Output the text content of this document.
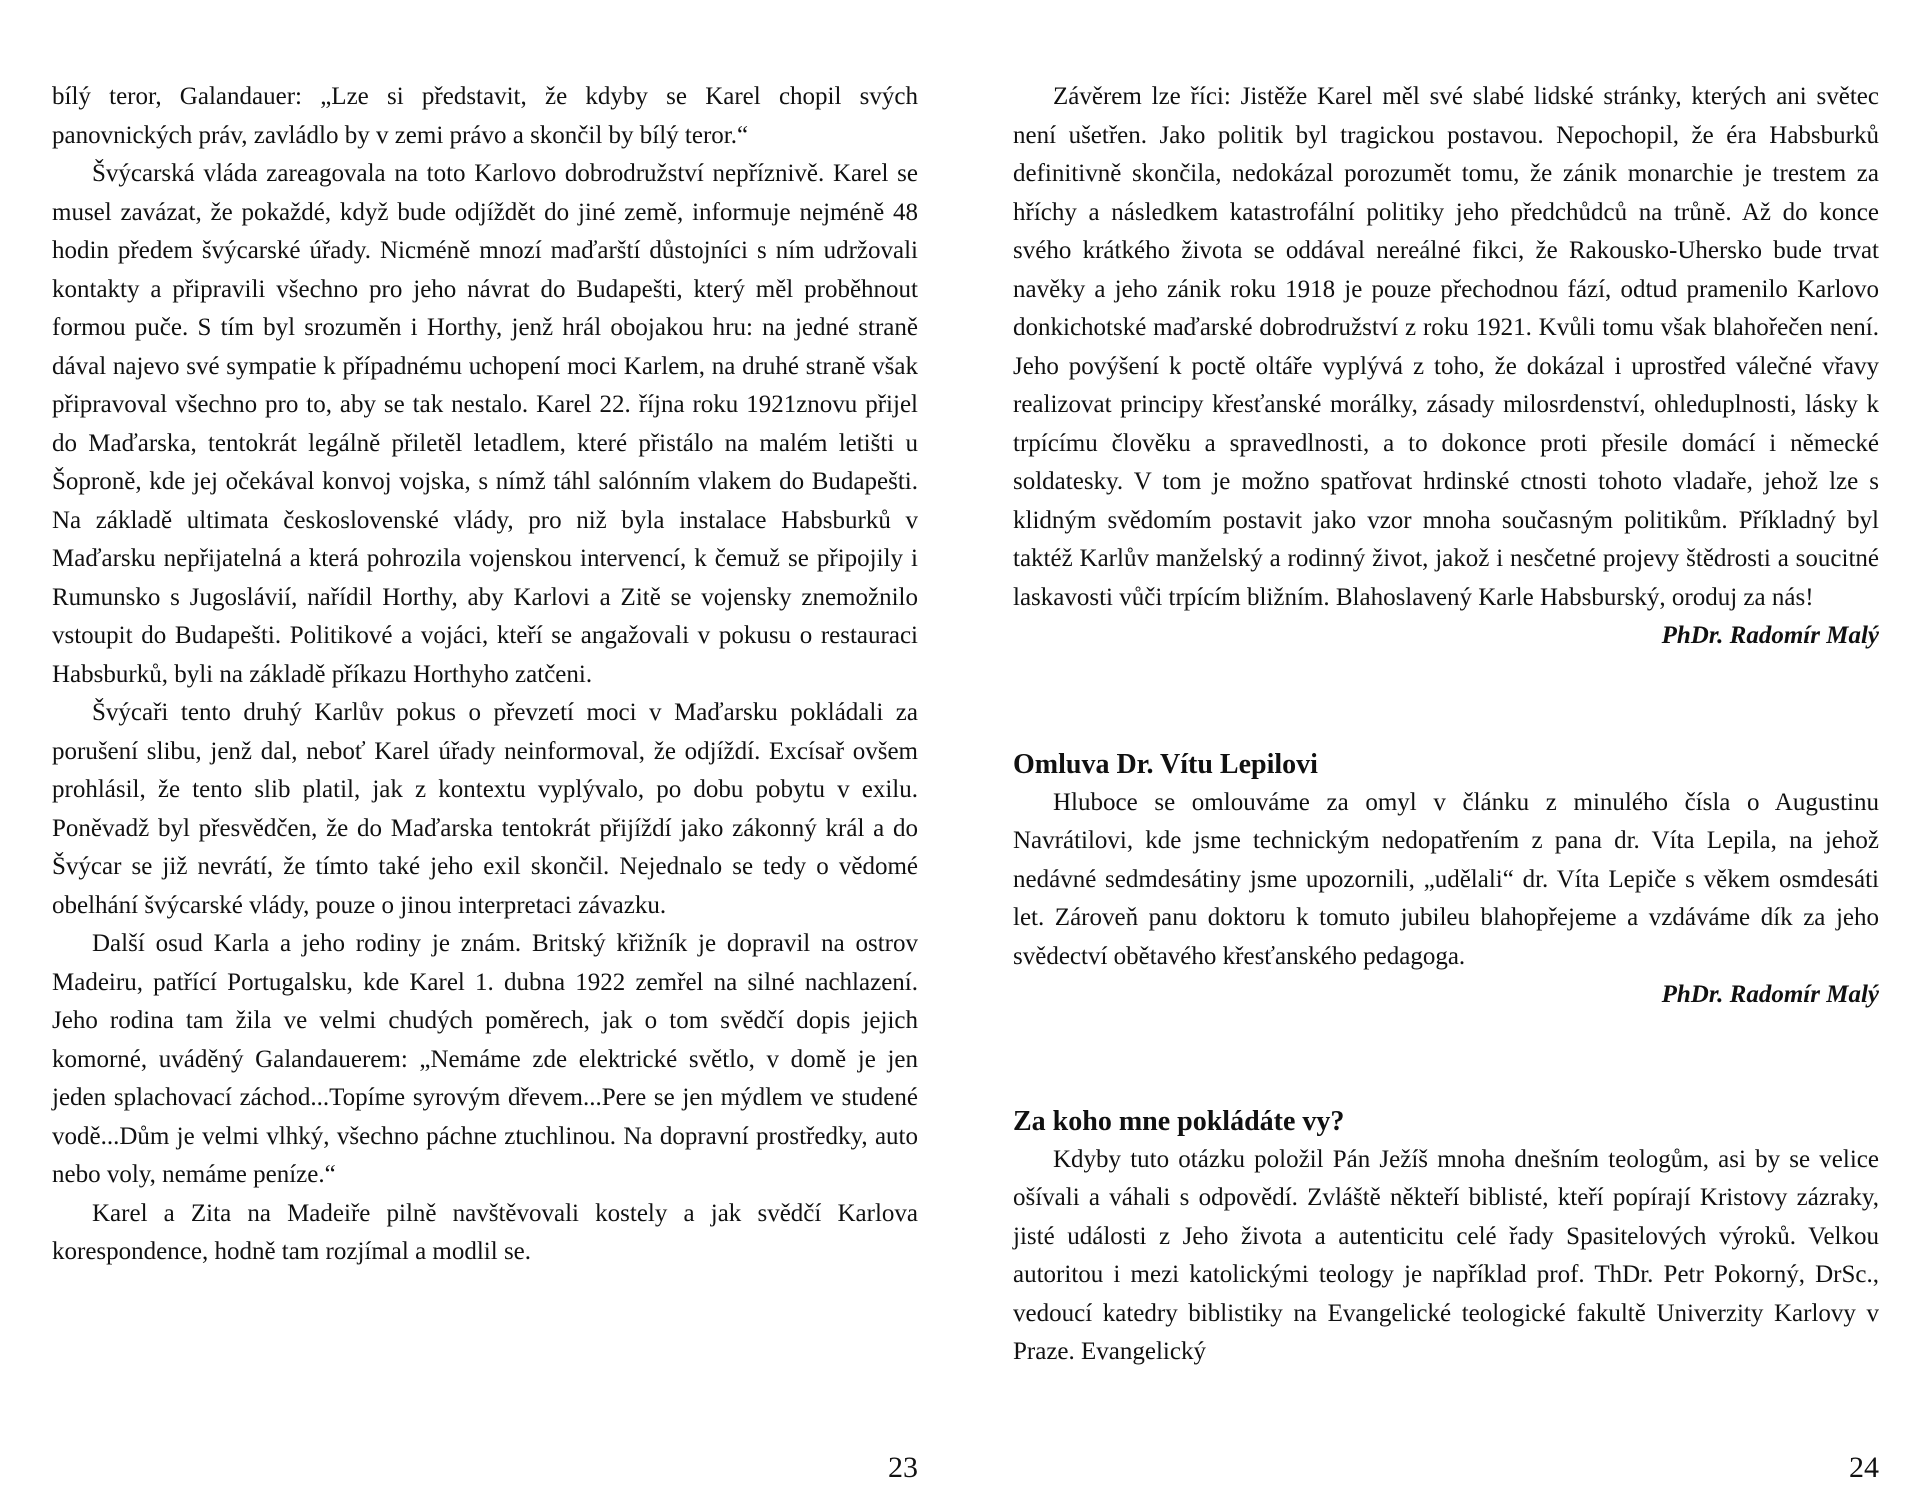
bílý teror, Galandauer: „Lze si představit, že kdyby se Karel chopil svých panovnických práv, zavládlo by v zemi právo a skončil by bílý teror.“

Švýcarská vláda zareagovala na toto Karlovo dobrodružství nepříznivě. Karel se musel zavázat, že pokaždé, když bude odjíždět do jiné země, informuje nejméně 48 hodin předem švýcarské úřady. Nicméně mnozí maďarští důstojníci s ním udržovali kontakty a připravili všechno pro jeho návrat do Budapešti, který měl proběhnout formou puče. S tím byl srozuměn i Horthy, jenž hrál obojakou hru: na jedné straně dával najevo své sympatie k případnému uchopení moci Karlem, na druhé straně však připravoval všechno pro to, aby se tak nestalo. Karel 22. října roku 1921znovu přijel do Maďarska, tentokrát legálně přiletěl letadlem, které přistálo na malém letišti u Šoproně, kde jej očekával konvoj vojska, s nímž táhl salónním vlakem do Budapešti. Na základě ultimata československé vlády, pro niž byla instalace Habsburků v Maďarsku nepřijatelná a která pohrozila vojenskou intervencí, k čemuž se připojily i Rumunsko s Jugoslávií, nařídil Horthy, aby Karlovi a Zitě se vojensky znemožnilo vstoupit do Budapešti. Politikové a vojáci, kteří se angažovali v pokusu o restauraci Habsburků, byli na základě příkazu Horthyho zatčeni.

Švýcaři tento druhý Karlův pokus o převzetí moci v Maďarsku pokládali za porušení slibu, jenž dal, neboť Karel úřady neinformoval, že odjíždí. Excísař ovšem prohlásil, že tento slib platil, jak z kontextu vyplývalo, po dobu pobytu v exilu. Poněvadž byl přesvědčen, že do Maďarska tentokrát přijíždí jako zákonný král a do Švýcar se již nevrátí, že tímto také jeho exil skončil. Nejednalo se tedy o vědomé obelhání švýcarské vlády, pouze o jinou interpretaci závazku.

Další osud Karla a jeho rodiny je znám. Britský křižník je dopravil na ostrov Madeiru, patřící Portugalsku, kde Karel 1. dubna 1922 zemřel na silné nachlazení. Jeho rodina tam žila ve velmi chudých poměrech, jak o tom svědčí dopis jejich komorné, uváděný Galandauerem: „Nemáme zde elektrické světlo, v domě je jen jeden splachovací záchod...Topíme syrovým dřevem...Pere se jen mýdlem ve studené vodě...Dům je velmi vlhký, všechno páchne ztuchlinou. Na dopravní prostředky, auto nebo voly, nemáme peníze.“

Karel a Zita na Madeiře pilně navštěvovali kostely a jak svědčí Karlova korespondence, hodně tam rozjímal a modlil se.

23

Závěrem lze říci: Jistěže Karel měl své slabé lidské stránky, kterých ani světec není ušetřen. Jako politik byl tragickou postavou. Nepochopil, že éra Habsburků definitivně skončila, nedokázal porozumět tomu, že zánik monarchie je trestem za hříchy a následkem katastrofální politiky jeho předchůdců na trůně. Až do konce svého krátkého života se oddával nereálné fikci, že Rakousko-Uhersko bude trvat navěky a jeho zánik roku 1918 je pouze přechodnou fází, odtud pramenilo Karlovo donkichotské maďarské dobrodružství z roku 1921. Kvůli tomu však blahořečen není. Jeho povýšení k poctě oltáře vyplývá z toho, že dokázal i uprostřed válečné vřavy realizovat principy křesťanské morálky, zásady milosrdenství, ohleduplnosti, lásky k trpícímu člověku a spravedlnosti, a to dokonce proti přesile domácí i německé soldatesky. V tom je možno spatřovat hrdinské ctnosti tohoto vladaře, jehož lze s klidným svědomím postavit jako vzor mnoha současným politikům. Příkladný byl taktéž Karlův manželský a rodinný život, jakož i nesčetné projevy štědrosti a soucitné laskavosti vůči trpícím bližním. Blahoslavený Karle Habsburský, oroduj za nás!

PhDr. Radomír Malý
Omluva Dr. Vítu Lepilovi

Hluboce se omlouváme za omyl v článku z minulého čísla o Augustinu Navrátilovi, kde jsme technickým nedopatřením z pana dr. Víta Lepila, na jehož nedávné sedmdesátiny jsme upozornili, „udělali“ dr. Víta Lepiče s věkem osmdesáti let. Zároveň panu doktoru k tomuto jubileu blahopřejeme a vzdáváme dík za jeho svědectví obětavého křesťanského pedagoga.

PhDr. Radomír Malý
Za koho mne pokládáte vy?

Kdyby tuto otázku položil Pán Ježíš mnoha dnešním teologům, asi by se velice ošívali a váhali s odpovědí. Zvláště někteří biblisté, kteří popírají Kristovy zázraky, jisté události z Jeho života a autenticitu celé řady Spasitelových výroků. Velkou autoritou i mezi katolickými teology je například prof. ThDr. Petr Pokorný, DrSc., vedoucí katedry biblistiky na Evangelické teologické fakultě Univerzity Karlovy v Praze. Evangelický

24
